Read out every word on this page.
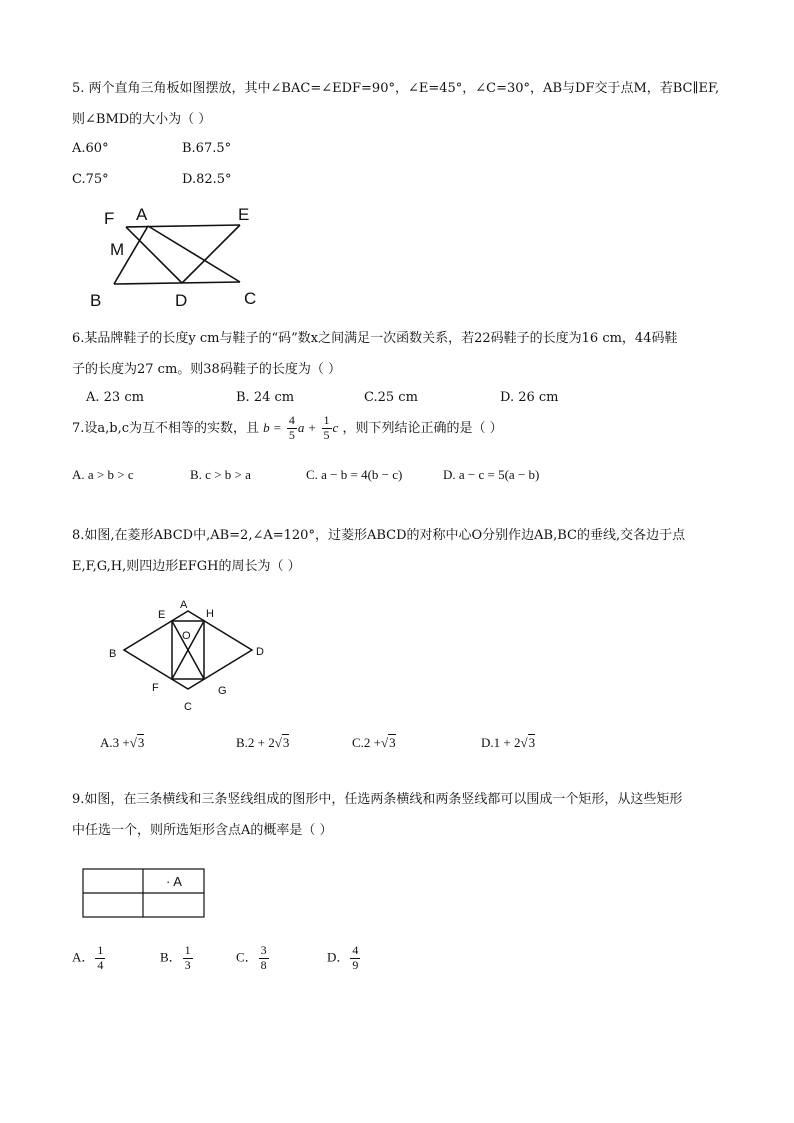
5. 两个直角三角板如图摆放，其中∠BAC=∠EDF=90°，∠E=45°，∠C=30°，AB与DF交于点M，若BC∥EF,
则∠BMD的大小为（ ）
A.60°	B.67.5°
C.75°	D.82.5°
F A	E
M
B	D	C
6.某品牌鞋子的长度y cm与鞋子的“码”数x之间满足一次函数关系，若22码鞋子的长度为16 cm，44码鞋
子的长度为27 cm。则38码鞋子的长度为（ ）
A. 23 cm	B. 24 cm	C.25 cm	D. 26 cm
7.设a,b,c为互不相等的实数，且 $b = \frac{4}{5}$ $a + \frac{1}{5}$ c ，则下列结论正确的是（ ）
A. a > b > c	B. c > b > a	C. a − b = 4(b − c)	D. a − c = 5(a − b)
8.如图,在菱形ABCD中,AB=2,∠A=120°，过菱形ABCD的对称中心O分别作边AB,BC的垂线,交各边于点
E,F,G,H,则四边形EFGH的周长为（ ）
A
E	H
O
B	D
F	G
C
A.3 +√3	B.2 + 2√3	C.2 +√3	D.1 + 2√3
9.如图，在三条横线和三条竖线组成的图形中，任选两条横线和两条竖线都可以围成一个矩形，从这些矩形
中任选一个，则所选矩形含点A的概率是（ ）
· A
A． $\frac{1}{4}$	B． $\frac{1}{3}$	C． $\frac{3}{8}$	D． $\frac{4}{9}$
